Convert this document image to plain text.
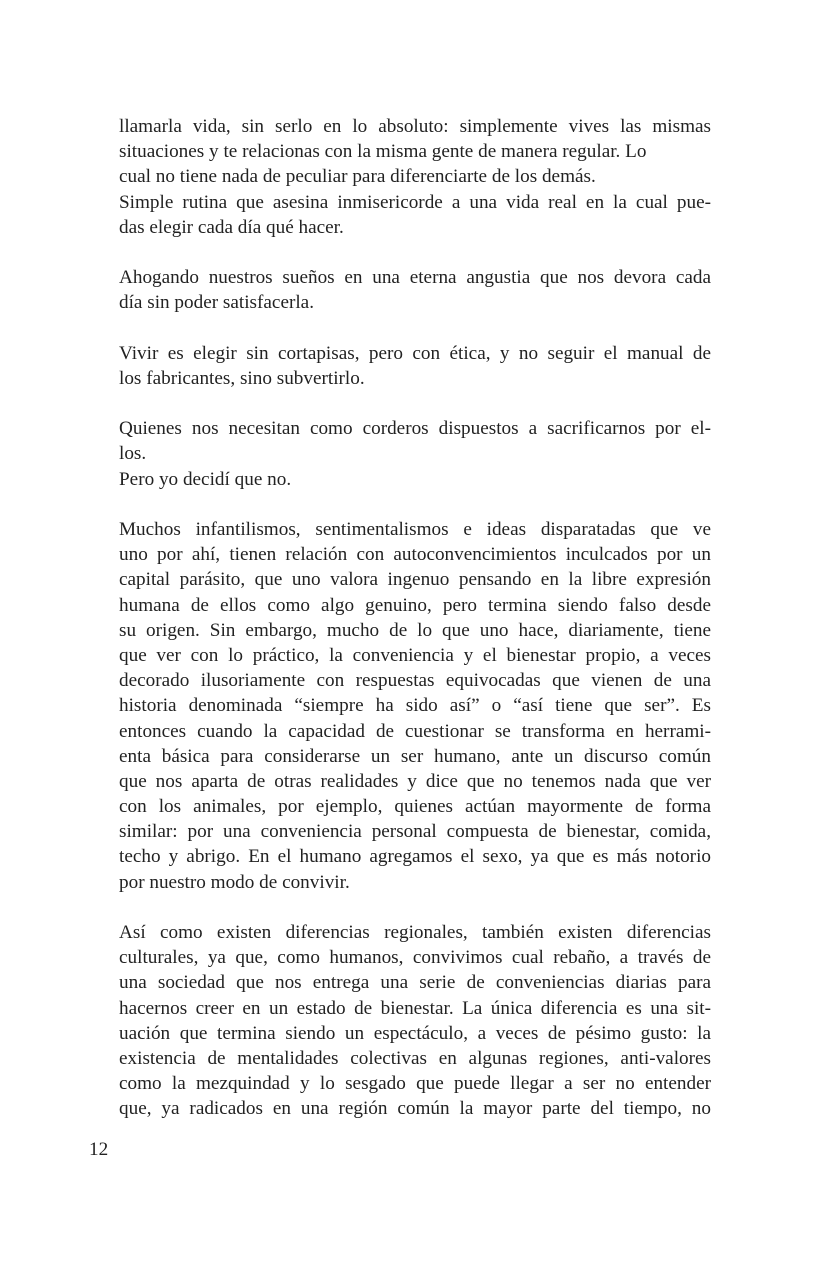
llamarla vida, sin serlo en lo absoluto: simplemente vives las mismas
situaciones y te relacionas con la misma gente de manera regular. Lo
cual no tiene nada de peculiar para diferenciarte de los demás.
Simple rutina que asesina inmisericorde a una vida real en la cual pue-
das elegir cada día qué hacer.

Ahogando nuestros sueños en una eterna angustia que nos devora cada
día sin poder satisfacerla.

Vivir es elegir sin cortapisas, pero con ética, y no seguir el manual de
los fabricantes, sino subvertirlo.

Quienes nos necesitan como corderos dispuestos a sacrificarnos por el-
los.
Pero yo decidí que no.

Muchos infantilismos, sentimentalismos e ideas disparatadas que ve
uno por ahí, tienen relación con autoconvencimientos inculcados por un
capital parásito, que uno valora ingenuo pensando en la libre expresión
humana de ellos como algo genuino, pero termina siendo falso desde
su origen. Sin embargo, mucho de lo que uno hace, diariamente, tiene
que ver con lo práctico, la conveniencia y el bienestar propio, a veces
decorado ilusoriamente con respuestas equivocadas que vienen de una
historia denominada “siempre ha sido así” o “así tiene que ser”. Es
entonces cuando la capacidad de cuestionar se transforma en herrami-
enta básica para considerarse un ser humano, ante un discurso común
que nos aparta de otras realidades y dice que no tenemos nada que ver
con los animales, por ejemplo, quienes actúan mayormente de forma
similar: por una conveniencia personal compuesta de bienestar, comida,
techo y abrigo. En el humano agregamos el sexo, ya que es más notorio
por nuestro modo de convivir.

Así como existen diferencias regionales, también existen diferencias
culturales, ya que, como humanos, convivimos cual rebaño, a través de
una sociedad que nos entrega una serie de conveniencias diarias para
hacernos creer en un estado de bienestar. La única diferencia es una sit-
uación que termina siendo un espectáculo, a veces de pésimo gusto: la
existencia de mentalidades colectivas en algunas regiones, anti-valores
como la mezquindad y lo sesgado que puede llegar a ser no entender
que, ya radicados en una región común la mayor parte del tiempo, no

12
